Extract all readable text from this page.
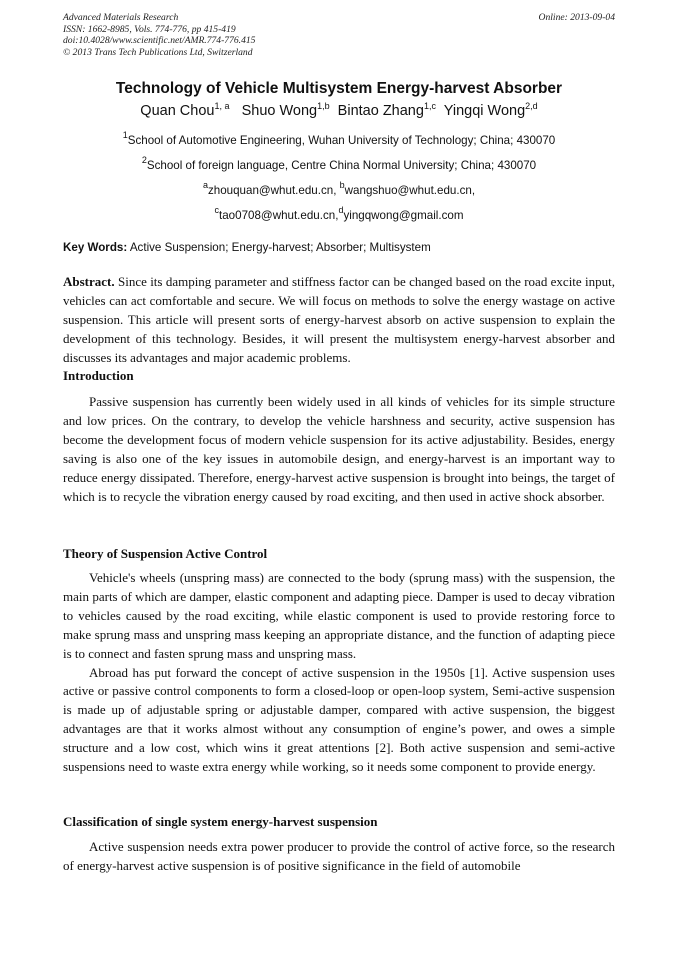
Advanced Materials Research
ISSN: 1662-8985, Vols. 774-776, pp 415-419
doi:10.4028/www.scientific.net/AMR.774-776.415
© 2013 Trans Tech Publications Ltd, Switzerland
Online: 2013-09-04
Technology of Vehicle Multisystem Energy-harvest Absorber
Quan Chou$^{1, a}$ Shuo Wong$^{1,b}$ Bintao Zhang$^{1,c}$ Yingqi Wong$^{2,d}$
$^1$School of Automotive Engineering, Wuhan University of Technology; China; 430070
$^2$School of foreign language, Centre China Normal University; China; 430070
$^a$zhouquan@whut.edu.cn, $^b$wangshuo@whut.edu.cn,
$^c$tao0708@whut.edu.cn,$^d$yingqwong@gmail.com
Key Words: Active Suspension; Energy-harvest; Absorber; Multisystem

Abstract. Since its damping parameter and stiffness factor can be changed based on the road excite input, vehicles can act comfortable and secure. We will focus on methods to solve the energy wastage on active suspension. This article will present sorts of energy-harvest absorb on active suspension to explain the development of this technology. Besides, it will present the multisystem energy-harvest absorber and discusses its advantages and major academic problems.

Introduction

Passive suspension has currently been widely used in all kinds of vehicles for its simple structure and low prices. On the contrary, to develop the vehicle harshness and security, active suspension has become the development focus of modern vehicle suspension for its active adjustability. Besides, energy saving is also one of the key issues in automobile design, and energy-harvest is an important way to reduce energy dissipated. Therefore, energy-harvest active suspension is brought into beings, the target of which is to recycle the vibration energy caused by road exciting, and then used in active shock absorber.

Theory of Suspension Active Control

Vehicle's wheels (unspring mass) are connected to the body (sprung mass) with the suspension, the main parts of which are damper, elastic component and adapting piece. Damper is used to decay vibration to vehicles caused by the road exciting, while elastic component is used to provide restoring force to make sprung mass and unspring mass keeping an appropriate distance, and the function of adapting piece is to connect and fasten sprung mass and unspring mass.

Abroad has put forward the concept of active suspension in the 1950s [1]. Active suspension uses active or passive control components to form a closed-loop or open-loop system, Semi-active suspension is made up of adjustable spring or adjustable damper, compared with active suspension, the biggest advantages are that it works almost without any consumption of engine’s power, and owes a simple structure and a low cost, which wins it great attentions [2]. Both active suspension and semi-active suspensions need to waste extra energy while working, so it needs some component to provide energy.

Classification of single system energy-harvest suspension

Active suspension needs extra power producer to provide the control of active force, so the research of energy-harvest active suspension is of positive significance in the field of automobile
